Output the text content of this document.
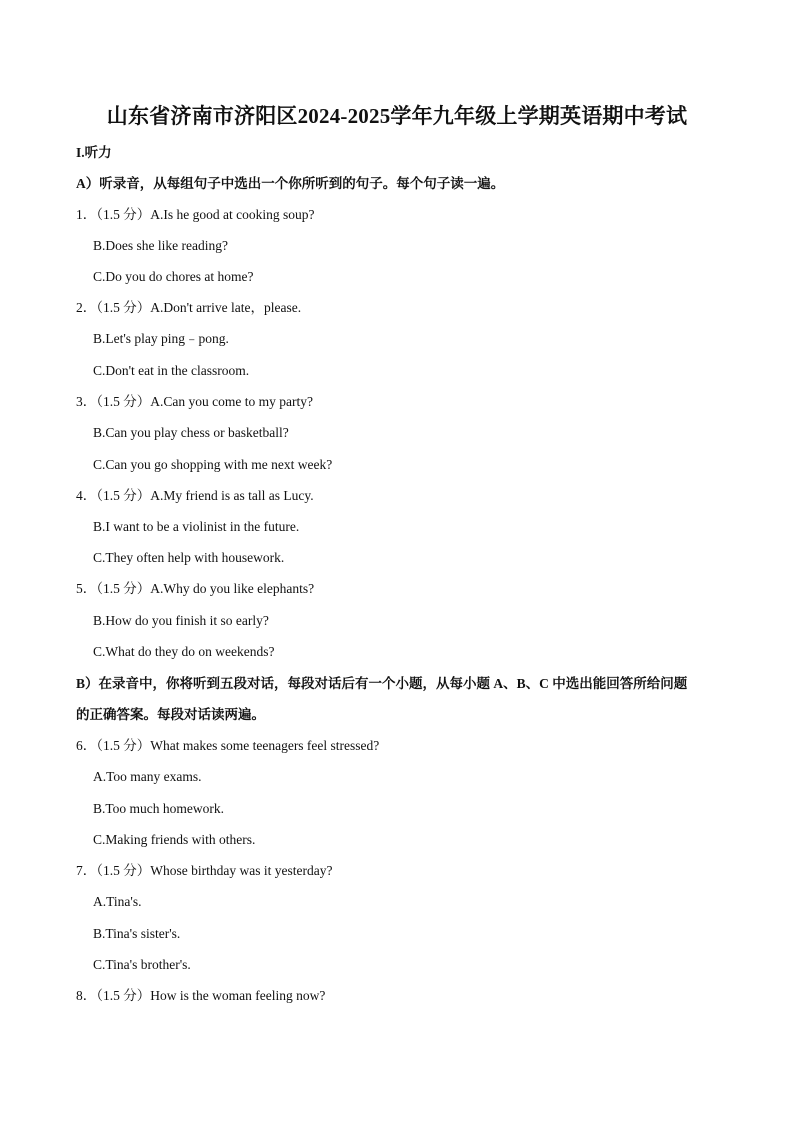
山东省济南市济阳区2024-2025学年九年级上学期英语期中考试
I.听力
A）听录音，从每组句子中选出一个你所听到的句子。每个句子读一遍。
1．（1.5 分）A.Is he good at cooking soup?
B.Does she like reading?
C.Do you do chores at home?
2．（1.5 分）A.Don't arrive late，please.
B.Let's play ping﹣pong.
C.Don't eat in the classroom.
3．（1.5 分）A.Can you come to my party?
B.Can you play chess or basketball?
C.Can you go shopping with me next week?
4．（1.5 分）A.My friend is as tall as Lucy.
B.I want to be a violinist in the future.
C.They often help with housework.
5．（1.5 分）A.Why do you like elephants?
B.How do you finish it so early?
C.What do they do on weekends?
B）在录音中，你将听到五段对话，每段对话后有一个小题，从每小题 A、B、C 中选出能回答所给问题
的正确答案。每段对话读两遍。
6．（1.5 分）What makes some teenagers feel stressed?
A.Too many exams.
B.Too much homework.
C.Making friends with others.
7．（1.5 分）Whose birthday was it yesterday?
A.Tina's.
B.Tina's sister's.
C.Tina's brother's.
8．（1.5 分）How is the woman feeling now?
